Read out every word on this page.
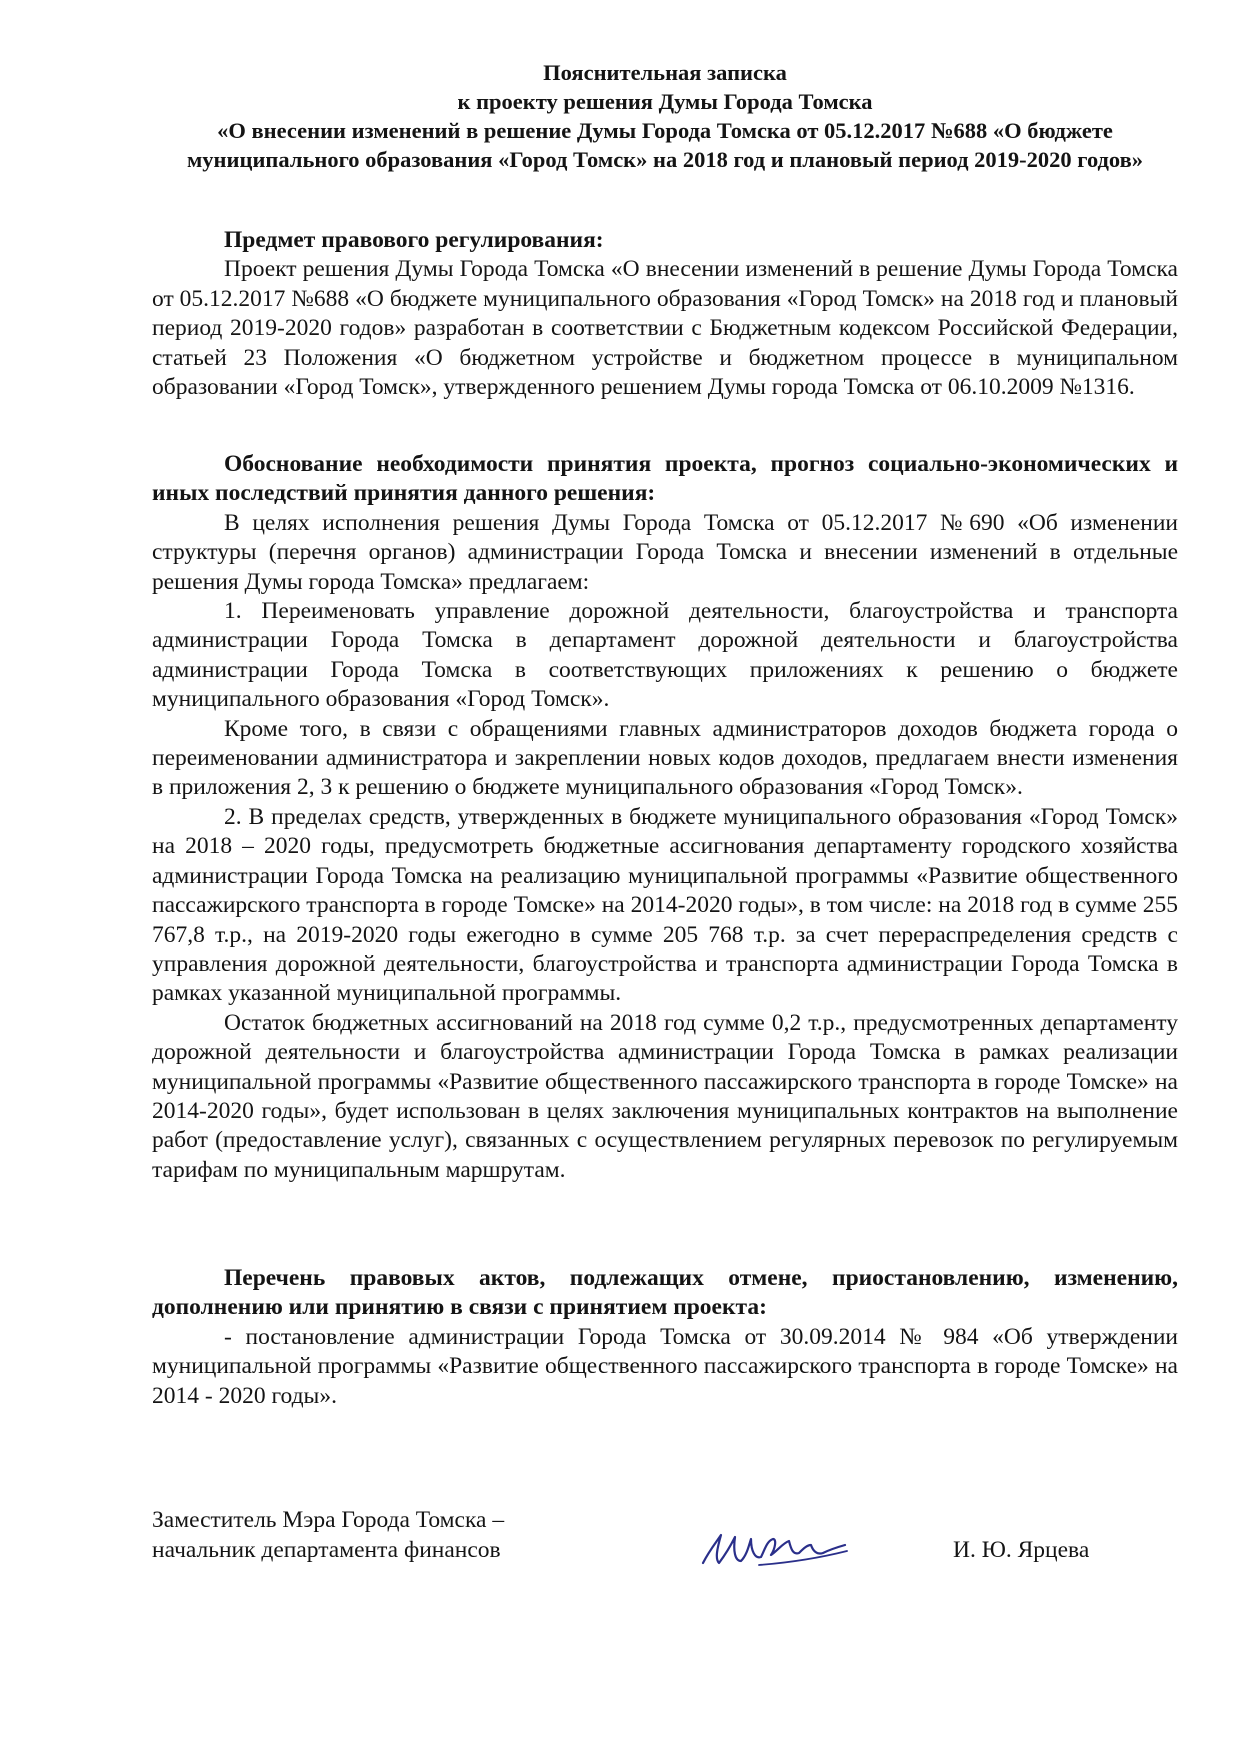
Пояснительная записка
к проекту решения Думы Города Томска
«О внесении изменений в решение Думы Города Томска от 05.12.2017 №688 «О бюджете муниципального образования «Город Томск» на 2018 год и плановый период 2019-2020 годов»

Предмет правового регулирования:

Проект решения Думы Города Томска «О внесении изменений в решение Думы Города Томска от 05.12.2017 №688 «О бюджете муниципального образования «Город Томск» на 2018 год и плановый период 2019-2020 годов» разработан в соответствии с Бюджетным кодексом Российской Федерации, статьей 23 Положения «О бюджетном устройстве и бюджетном процессе в муниципальном образовании «Город Томск», утвержденного решением Думы города Томска от 06.10.2009 №1316.

Обоснование необходимости принятия проекта, прогноз социально-экономических и иных последствий принятия данного решения:

В целях исполнения решения Думы Города Томска от 05.12.2017 №690 «Об изменении структуры (перечня органов) администрации Города Томска и внесении изменений в отдельные решения Думы города Томска» предлагаем:

1. Переименовать управление дорожной деятельности, благоустройства и транспорта администрации Города Томска в департамент дорожной деятельности и благоустройства администрации Города Томска в соответствующих приложениях к решению о бюджете муниципального образования «Город Томск».

Кроме того, в связи с обращениями главных администраторов доходов бюджета города о переименовании администратора и закреплении новых кодов доходов, предлагаем внести изменения в приложения 2, 3 к решению о бюджете муниципального образования «Город Томск».

2. В пределах средств, утвержденных в бюджете муниципального образования «Город Томск» на 2018 – 2020 годы, предусмотреть бюджетные ассигнования департаменту городского хозяйства администрации Города Томска на реализацию муниципальной программы «Развитие общественного пассажирского транспорта в городе Томске» на 2014-2020 годы», в том числе: на 2018 год в сумме 255 767,8 т.р., на 2019-2020 годы ежегодно в сумме 205 768 т.р. за счет перераспределения средств с управления дорожной деятельности, благоустройства и транспорта администрации Города Томска в рамках указанной муниципальной программы.

Остаток бюджетных ассигнований на 2018 год сумме 0,2 т.р., предусмотренных департаменту дорожной деятельности и благоустройства администрации Города Томска в рамках реализации муниципальной программы «Развитие общественного пассажирского транспорта в городе Томске» на 2014-2020 годы», будет использован в целях заключения муниципальных контрактов на выполнение работ (предоставление услуг), связанных с осуществлением регулярных перевозок по регулируемым тарифам по муниципальным маршрутам.

Перечень правовых актов, подлежащих отмене, приостановлению, изменению, дополнению или принятию в связи с принятием проекта:

- постановление администрации Города Томска от 30.09.2014 № 984 «Об утверждении муниципальной программы «Развитие общественного пассажирского транспорта в городе Томске» на 2014 - 2020 годы».

Заместитель Мэра Города Томска –
начальник департамента финансов	И. Ю. Ярцева
